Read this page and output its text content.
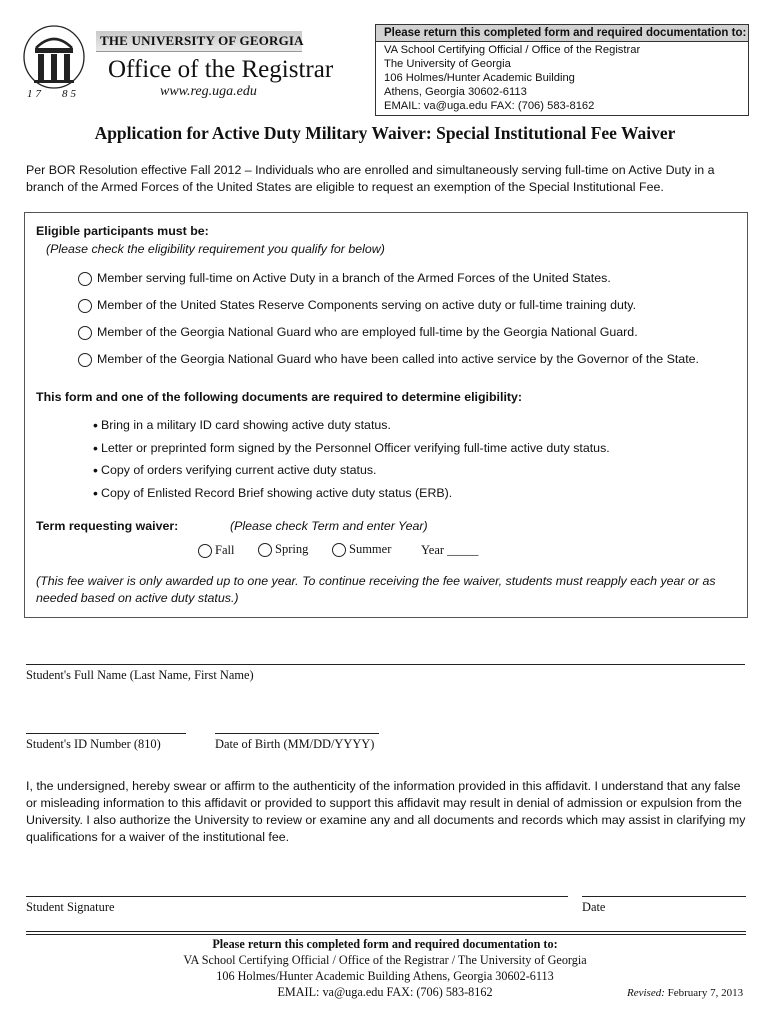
17 85
THE UNIVERSITY OF GEORGIA
Office of the Registrar
www.reg.uga.edu
Please return this completed form and required documentation to:
VA School Certifying Official / Office of the Registrar
The University of Georgia
106 Holmes/Hunter Academic Building
Athens, Georgia 30602-6113
EMAIL: va@uga.edu FAX: (706) 583-8162
Application for Active Duty Military Waiver: Special Institutional Fee Waiver
Per BOR Resolution effective Fall 2012 – Individuals who are enrolled and simultaneously serving full-time on Active Duty in a branch of the Armed Forces of the United States are eligible to request an exemption of the Special Institutional Fee.
Eligible participants must be:
(Please check the eligibility requirement you qualify for below)
Member serving full-time on Active Duty in a branch of the Armed Forces of the United States.
Member of the United States Reserve Components serving on active duty or full-time training duty.
Member of the Georgia National Guard who are employed full-time by the Georgia National Guard.
Member of the Georgia National Guard who have been called into active service by the Governor of the State.
This form and one of the following documents are required to determine eligibility:
• Bring in a military ID card showing active duty status.
• Letter or preprinted form signed by the Personnel Officer verifying full-time active duty status.
• Copy of orders verifying current active duty status.
• Copy of Enlisted Record Brief showing active duty status (ERB).
Term requesting waiver:	(Please check Term and enter Year)
Fall	Spring	Summer Year _____
(This fee waiver is only awarded up to one year. To continue receiving the fee waiver, students must reapply each year or as needed based on active duty status.)
Student's Full Name (Last Name, First Name)
Student's ID Number (810)	Date of Birth (MM/DD/YYYY)
I, the undersigned, hereby swear or affirm to the authenticity of the information provided in this affidavit. I understand that any false or misleading information to this affidavit or provided to support this affidavit may result in denial of admission or expulsion from the University. I also authorize the University to review or examine any and all documents and records which may assist in clarifying my qualifications for a waiver of the institutional fee.
Student Signature	Date
Please return this completed form and required documentation to:
VA School Certifying Official / Office of the Registrar / The University of Georgia
106 Holmes/Hunter Academic Building Athens, Georgia 30602-6113
EMAIL: va@uga.edu FAX: (706) 583-8162	Revised: February 7, 2013
